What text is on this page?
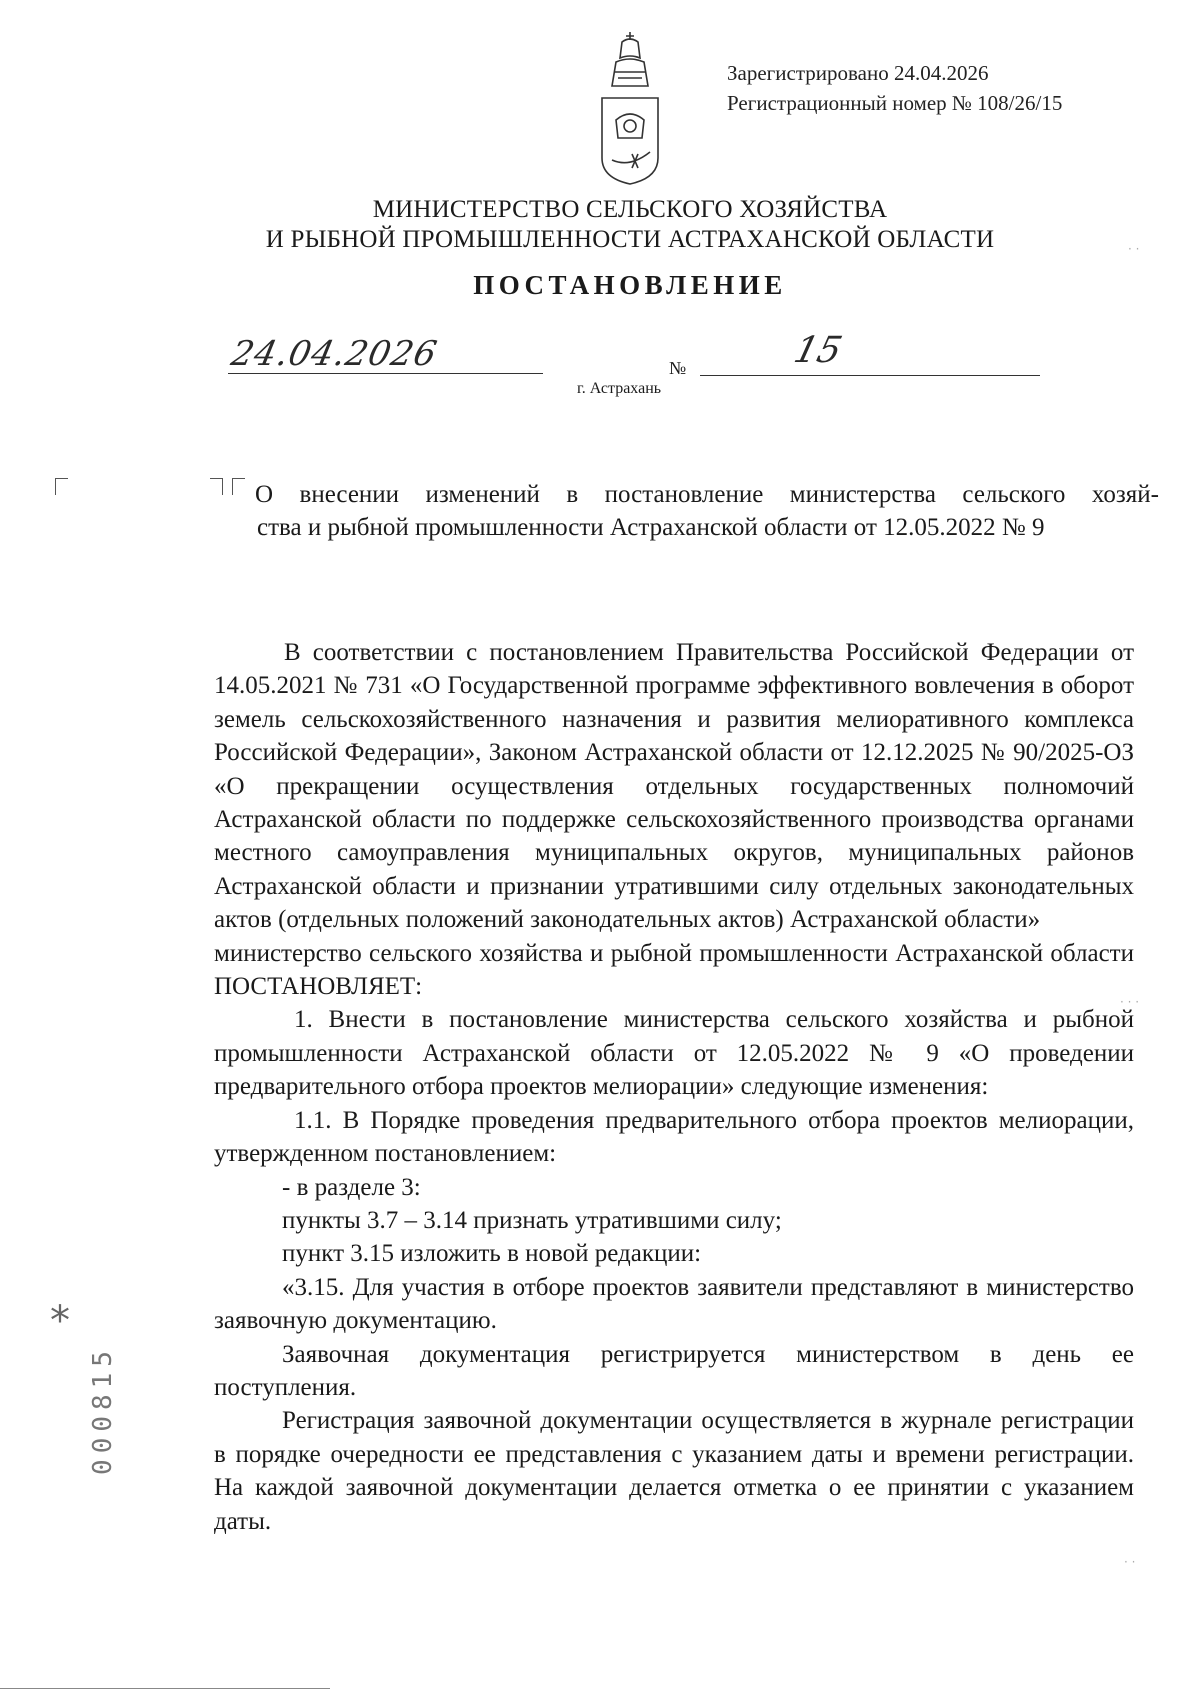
Зарегистрировано 24.04.2026
Регистрационный номер № 108/26/15
МИНИСТЕРСТВО СЕЛЬСКОГО ХОЗЯЙСТВА
И РЫБНОЙ ПРОМЫШЛЕННОСТИ АСТРАХАНСКОЙ ОБЛАСТИ
ПОСТАНОВЛЕНИЕ
24.04.2026	№	15
г. Астрахань
О внесении изменений в постановление министерства сельского хозяй-
ства и рыбной промышленности Астраханской области от 12.05.2022 № 9

В соответствии с постановлением Правительства Российской Федерации от 14.05.2021 № 731 «О Государственной программе эффективного вовлечения в оборот земель сельскохозяйственного назначения и развития мелиоративного комплекса Российской Федерации», Законом Астраханской области от 12.12.2025 № 90/2025-ОЗ «О прекращении осуществления отдельных государственных полномочий Астраханской области по поддержке сельскохозяйственного производства органами местного самоуправления муниципальных округов, муниципальных районов Астраханской области и признании утратившими силу отдельных законодательных актов (отдельных положений законодательных актов) Астраханской области»

министерство сельского хозяйства и рыбной промышленности Астраханской области ПОСТАНОВЛЯЕТ:

1. Внести в постановление министерства сельского хозяйства и рыбной промышленности Астраханской области от 12.05.2022 № 9 «О проведении предварительного отбора проектов мелиорации» следующие изменения:

1.1. В Порядке проведения предварительного отбора проектов мелиорации, утвержденном постановлением:

- в разделе 3:

пункты 3.7 – 3.14 признать утратившими силу;

пункт 3.15 изложить в новой редакции:

«3.15. Для участия в отборе проектов заявители представляют в министерство заявочную документацию.

Заявочная документация регистрируется министерством в день ее поступления.

Регистрация заявочной документации осуществляется в журнале регистрации в порядке очередности ее представления с указанием даты и времени регистрации. На каждой заявочной документации делается отметка о ее принятии с указанием даты.

*
000815
· ·
· · ·
· ·
